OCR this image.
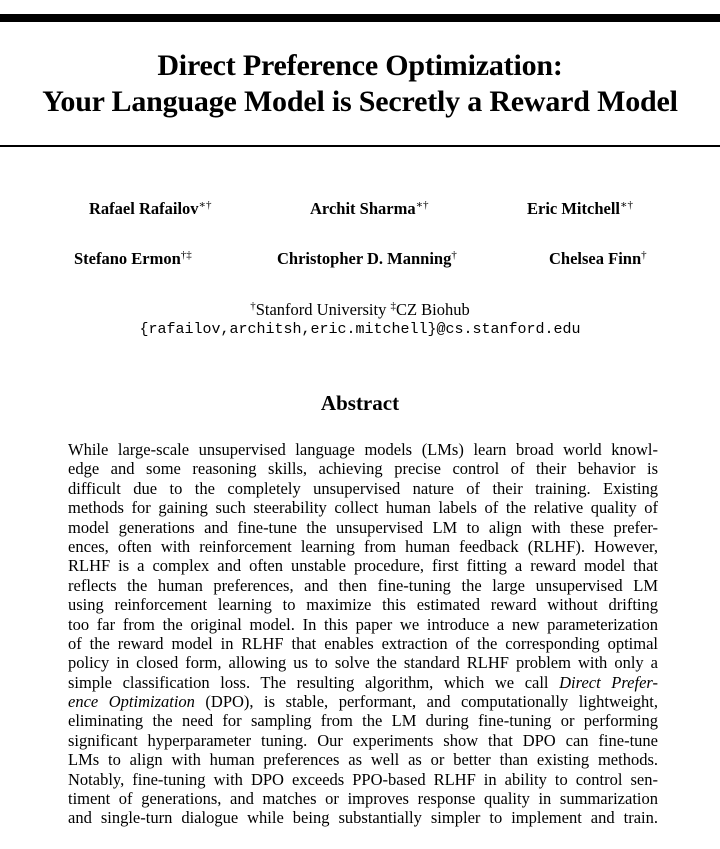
Direct Preference Optimization:
Your Language Model is Secretly a Reward Model
Rafael Rafailov∗†	Archit Sharma∗†	Eric Mitchell∗†
Stefano Ermon†‡	Christopher D. Manning†	Chelsea Finn†
†Stanford University ‡CZ Biohub
{rafailov,architsh,eric.mitchell}@cs.stanford.edu
Abstract
While large-scale unsupervised language models (LMs) learn broad world knowl-
edge and some reasoning skills, achieving precise control of their behavior is
difficult due to the completely unsupervised nature of their training. Existing
methods for gaining such steerability collect human labels of the relative quality of
model generations and fine-tune the unsupervised LM to align with these prefer-
ences, often with reinforcement learning from human feedback (RLHF). However,
RLHF is a complex and often unstable procedure, first fitting a reward model that
reflects the human preferences, and then fine-tuning the large unsupervised LM
using reinforcement learning to maximize this estimated reward without drifting
too far from the original model. In this paper we introduce a new parameterization
of the reward model in RLHF that enables extraction of the corresponding optimal
policy in closed form, allowing us to solve the standard RLHF problem with only a
simple classification loss. The resulting algorithm, which we call Direct Prefer-
ence Optimization (DPO), is stable, performant, and computationally lightweight,
eliminating the need for sampling from the LM during fine-tuning or performing
significant hyperparameter tuning. Our experiments show that DPO can fine-tune
LMs to align with human preferences as well as or better than existing methods.
Notably, fine-tuning with DPO exceeds PPO-based RLHF in ability to control sen-
timent of generations, and matches or improves response quality in summarization
and single-turn dialogue while being substantially simpler to implement and train.
